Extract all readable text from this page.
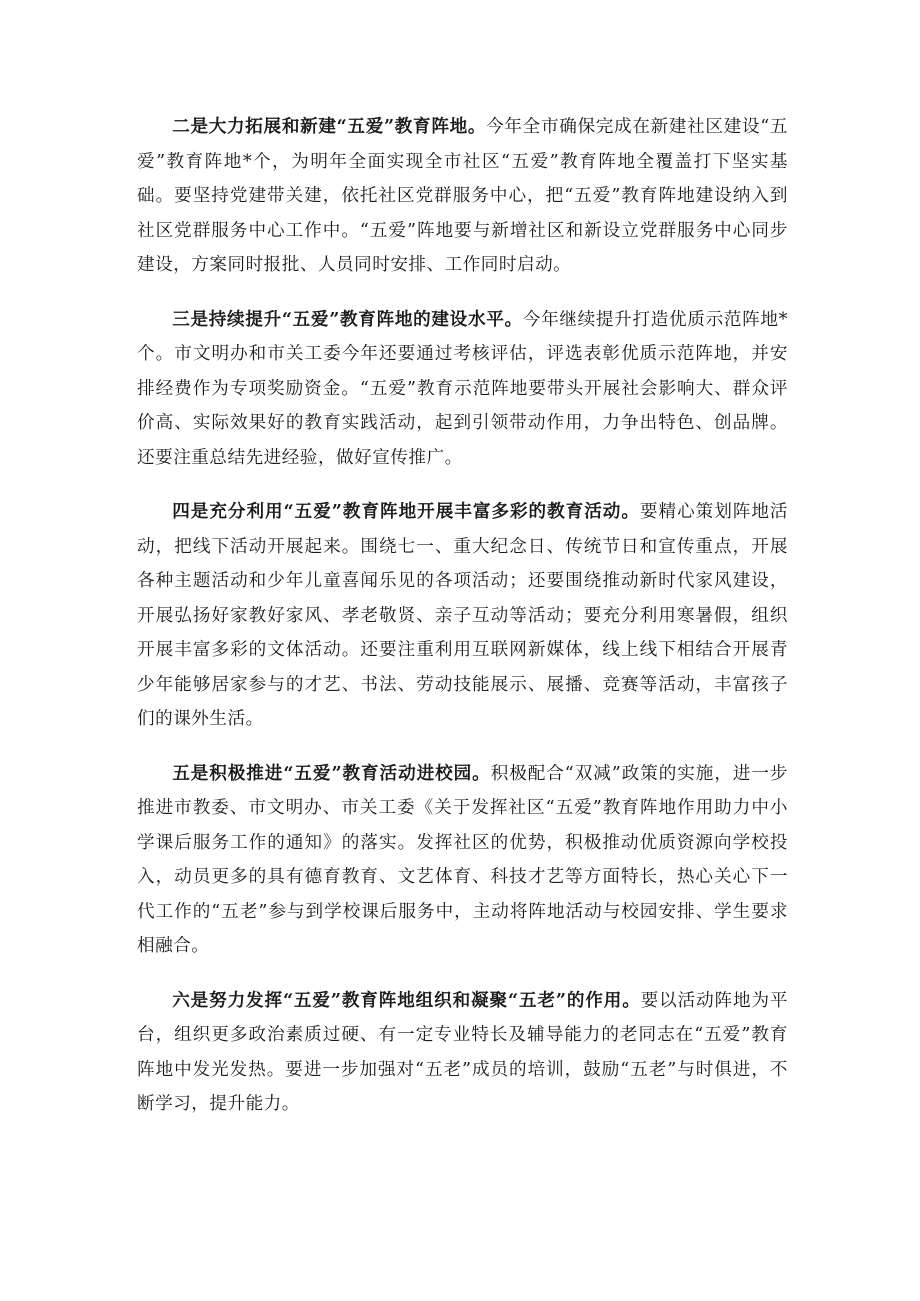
二是大力拓展和新建“五爱”教育阵地。今年全市确保完成在新建社区建设“五爱”教育阵地*个，为明年全面实现全市社区“五爱”教育阵地全覆盖打下坚实基础。要坚持党建带关建，依托社区党群服务中心，把“五爱”教育阵地建设纳入到社区党群服务中心工作中。“五爱”阵地要与新增社区和新设立党群服务中心同步建设，方案同时报批、人员同时安排、工作同时启动。

三是持续提升“五爱”教育阵地的建设水平。今年继续提升打造优质示范阵地*个。市文明办和市关工委今年还要通过考核评估，评选表彰优质示范阵地，并安排经费作为专项奖励资金。“五爱”教育示范阵地要带头开展社会影响大、群众评价高、实际效果好的教育实践活动，起到引领带动作用，力争出特色、创品牌。还要注重总结先进经验，做好宣传推广。

四是充分利用“五爱”教育阵地开展丰富多彩的教育活动。要精心策划阵地活动，把线下活动开展起来。围绕七一、重大纪念日、传统节日和宣传重点，开展各种主题活动和少年儿童喜闻乐见的各项活动；还要围绕推动新时代家风建设，开展弘扬好家教好家风、孝老敬贤、亲子互动等活动；要充分利用寒暑假，组织开展丰富多彩的文体活动。还要注重利用互联网新媒体，线上线下相结合开展青少年能够居家参与的才艺、书法、劳动技能展示、展播、竞赛等活动，丰富孩子们的课外生活。

五是积极推进“五爱”教育活动进校园。积极配合“双减”政策的实施，进一步推进市教委、市文明办、市关工委《关于发挥社区“五爱”教育阵地作用助力中小学课后服务工作的通知》的落实。发挥社区的优势，积极推动优质资源向学校投入，动员更多的具有德育教育、文艺体育、科技才艺等方面特长，热心关心下一代工作的“五老”参与到学校课后服务中，主动将阵地活动与校园安排、学生要求相融合。

六是努力发挥“五爱”教育阵地组织和凝聚“五老”的作用。要以活动阵地为平台，组织更多政治素质过硬、有一定专业特长及辅导能力的老同志在“五爱”教育阵地中发光发热。要进一步加强对“五老”成员的培训，鼓励“五老”与时俱进，不断学习，提升能力。
